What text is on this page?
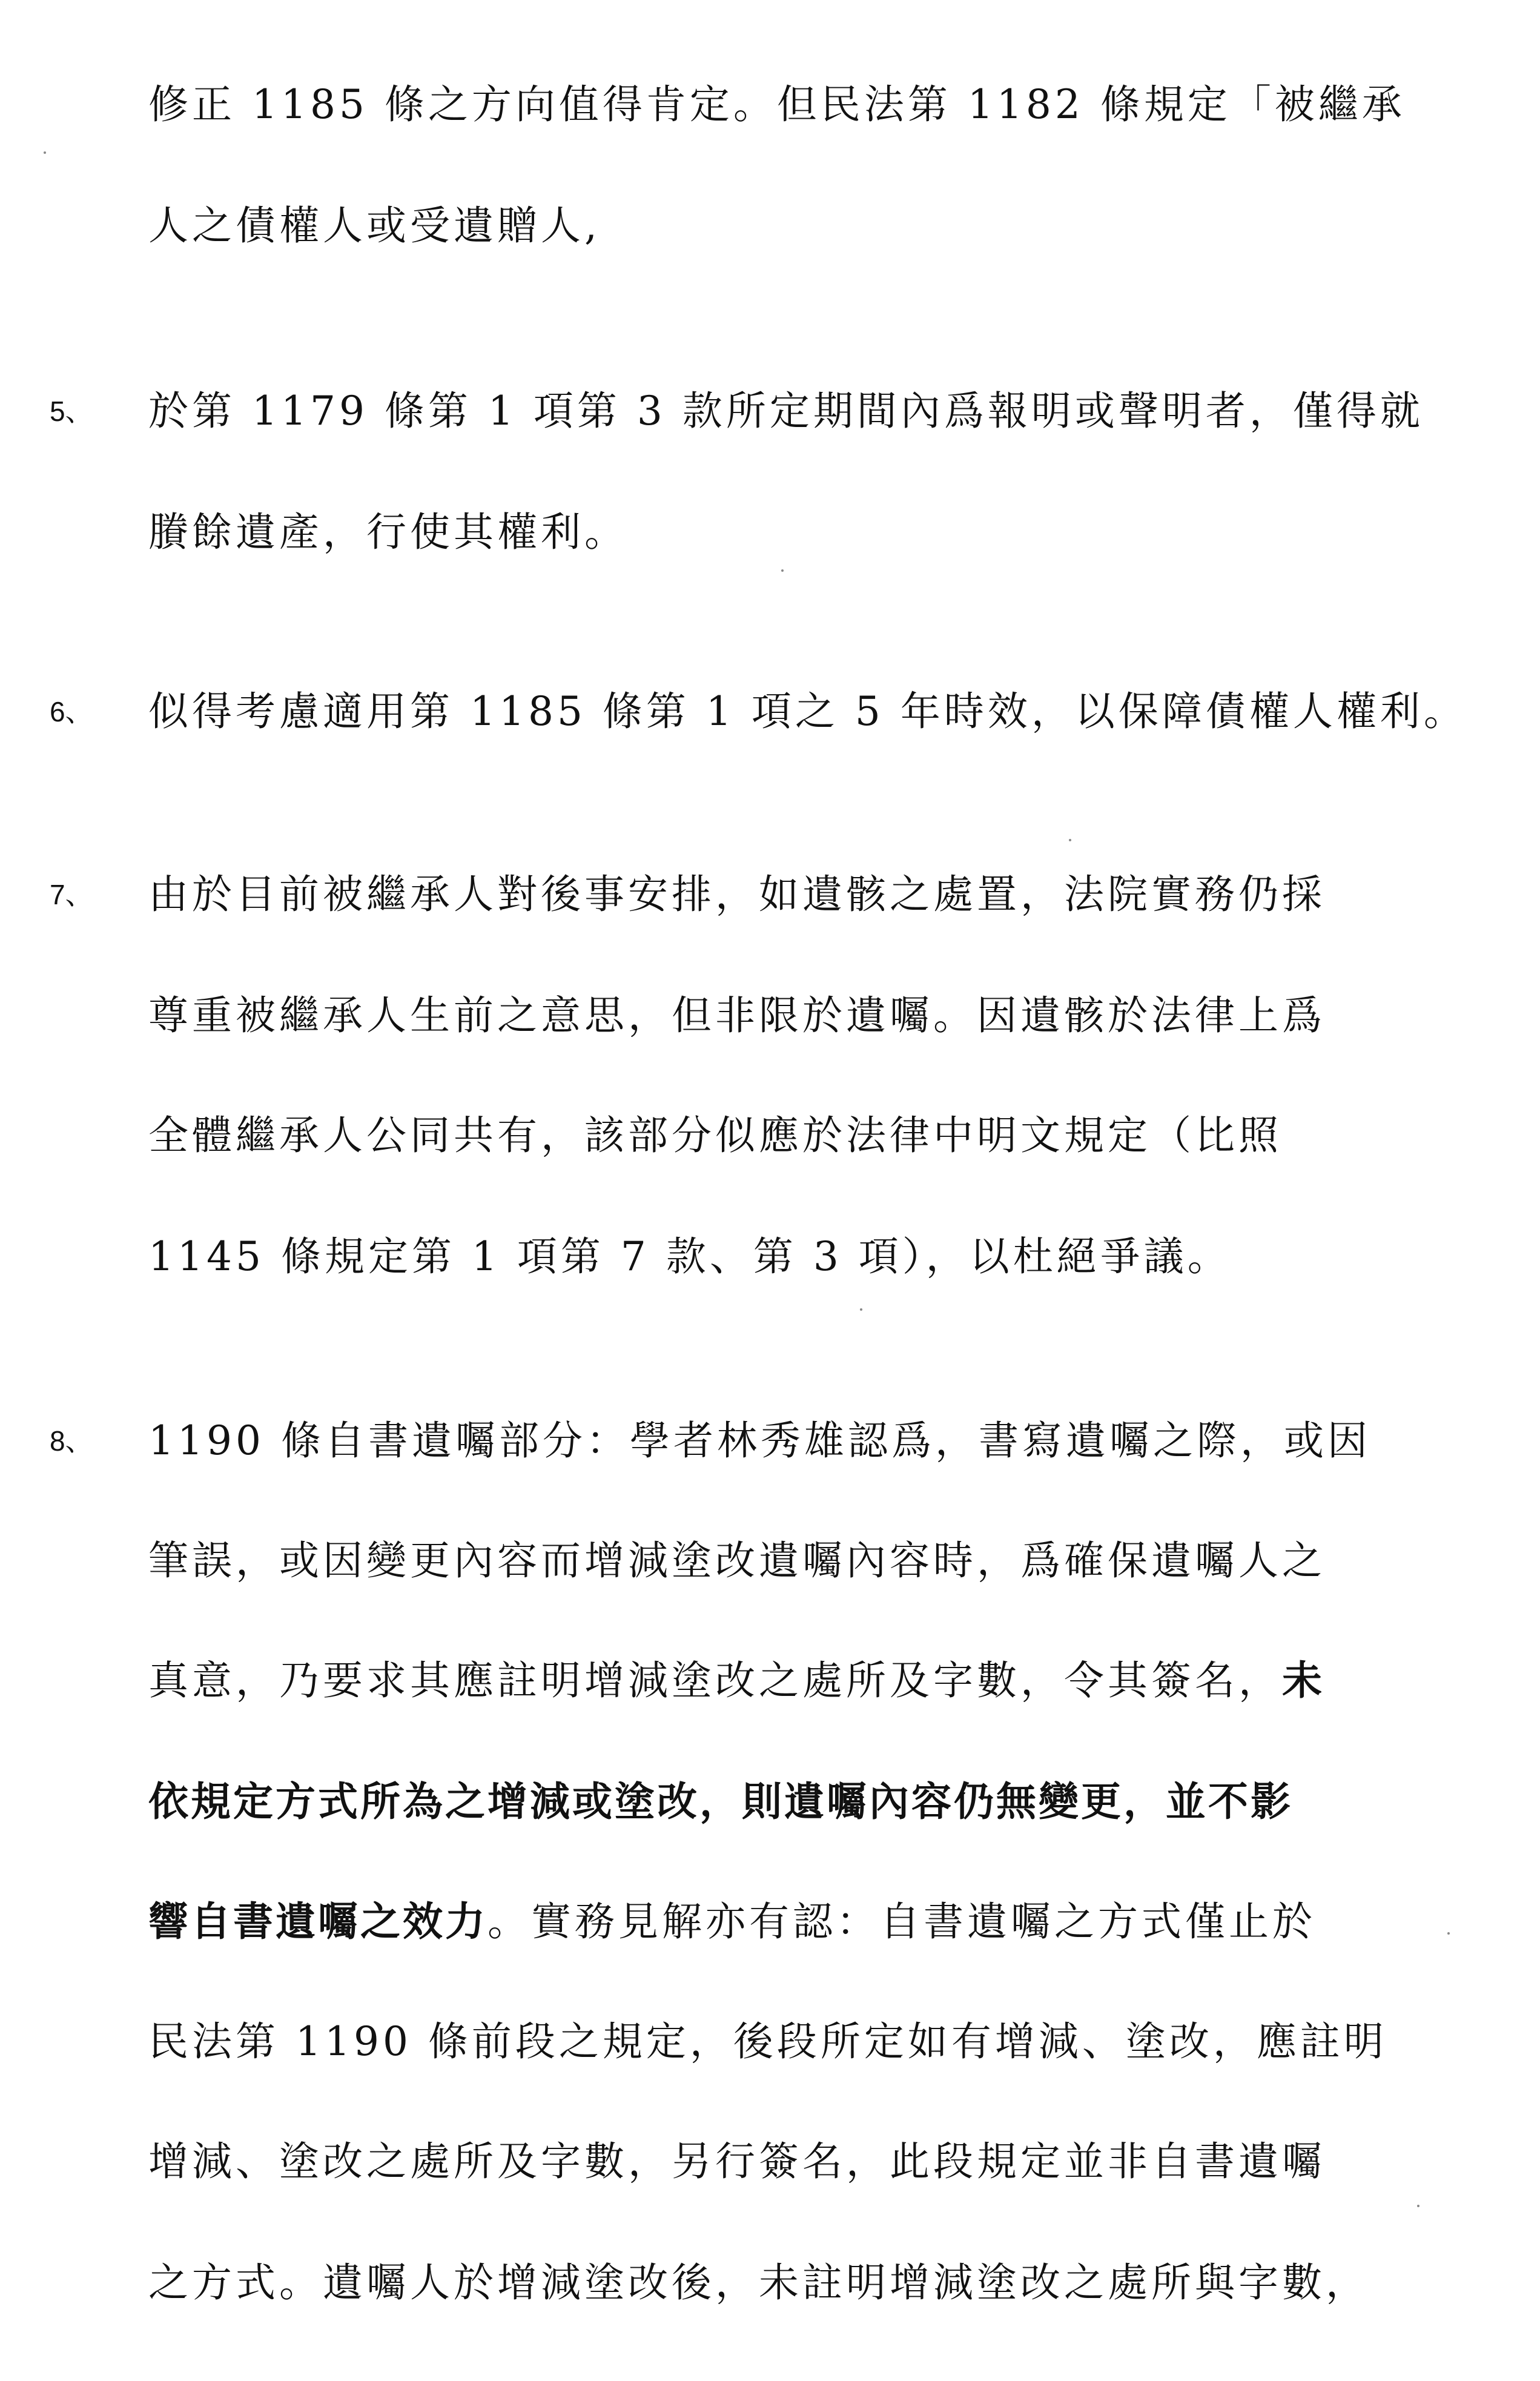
修正 1185 條之方向值得肯定。但民法第 1182 條規定「被繼承
人之債權人或受遺贈人,
5、 於第 1179 條第 1 項第 3 款所定期間內爲報明或聲明者，僅得就
賸餘遺產，行使其權利。
6、 似得考慮適用第 1185 條第 1 項之 5 年時效，以保障債權人權利。
7、 由於目前被繼承人對後事安排，如遺骸之處置，法院實務仍採
尊重被繼承人生前之意思，但非限於遺囑。因遺骸於法律上爲
全體繼承人公同共有，該部分似應於法律中明文規定（比照
1145 條規定第 1 項第 7 款、第 3 項），以杜絕爭議。
8、 1190 條自書遺囑部分：學者林秀雄認爲，書寫遺囑之際，或因
筆誤，或因變更內容而增減塗改遺囑內容時，爲確保遺囑人之
真意，乃要求其應註明增減塗改之處所及字數，令其簽名，未
依規定方式所為之增減或塗改，則遺囑內容仍無變更，並不影
響自書遺囑之效力。實務見解亦有認：自書遺囑之方式僅止於
民法第 1190 條前段之規定，後段所定如有增減、塗改，應註明
增減、塗改之處所及字數，另行簽名，此段規定並非自書遺囑
之方式。遺囑人於增減塗改後，未註明增減塗改之處所與字數，
